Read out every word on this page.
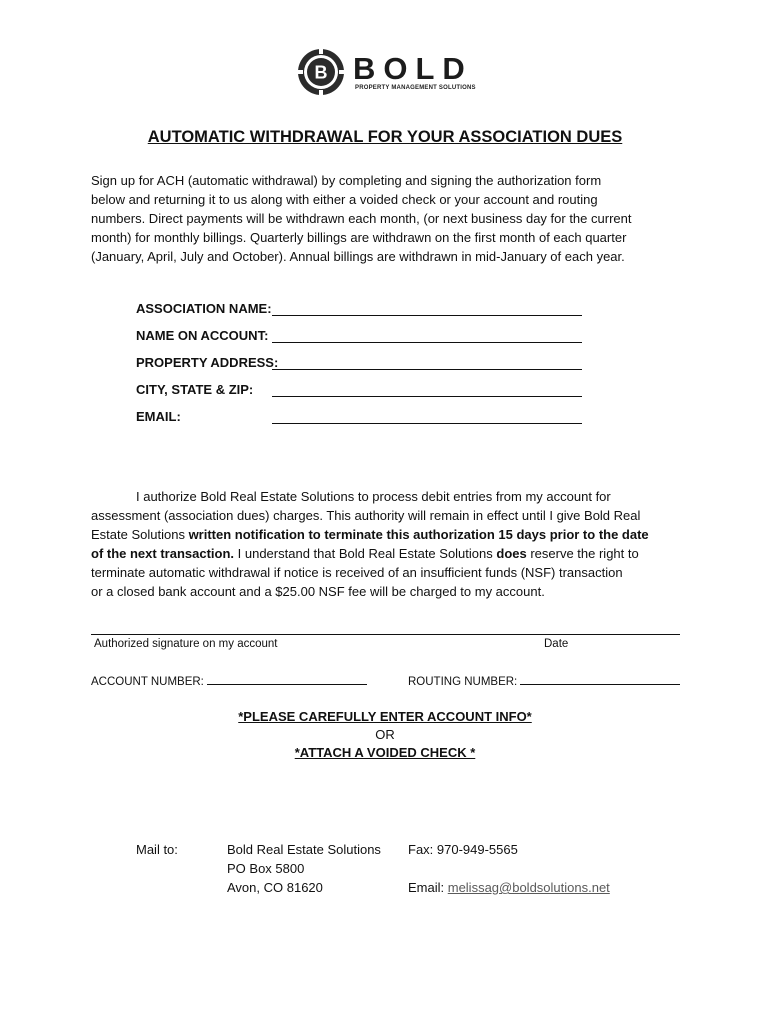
B BOLD
PROPERTY MANAGEMENT SOLUTIONS
AUTOMATIC WITHDRAWAL FOR YOUR ASSOCIATION DUES
Sign up for ACH (automatic withdrawal) by completing and signing the authorization form
below and returning it to us along with either a voided check or your account and routing
numbers. Direct payments will be withdrawn each month, (or next business day for the current
month) for monthly billings. Quarterly billings are withdrawn on the first month of each quarter
(January, April, July and October). Annual billings are withdrawn in mid-January of each year.
ASSOCIATION NAME:
NAME ON ACCOUNT:
PROPERTY ADDRESS:
CITY, STATE & ZIP:
EMAIL:
I authorize Bold Real Estate Solutions to process debit entries from my account for
assessment (association dues) charges. This authority will remain in effect until I give Bold Real
Estate Solutions written notification to terminate this authorization 15 days prior to the date
of the next transaction. I understand that Bold Real Estate Solutions does reserve the right to
terminate automatic withdrawal if notice is received of an insufficient funds (NSF) transaction
or a closed bank account and a $25.00 NSF fee will be charged to my account.
Authorized signature on my account	Date
ACCOUNT NUMBER:	ROUTING NUMBER:
*PLEASE CAREFULLY ENTER ACCOUNT INFO*
OR
*ATTACH A VOIDED CHECK *
Mail to:	Bold Real Estate Solutions
PO Box 5800
Avon, CO 81620
Fax: 970-949-5565
Email: melissag@boldsolutions.net
